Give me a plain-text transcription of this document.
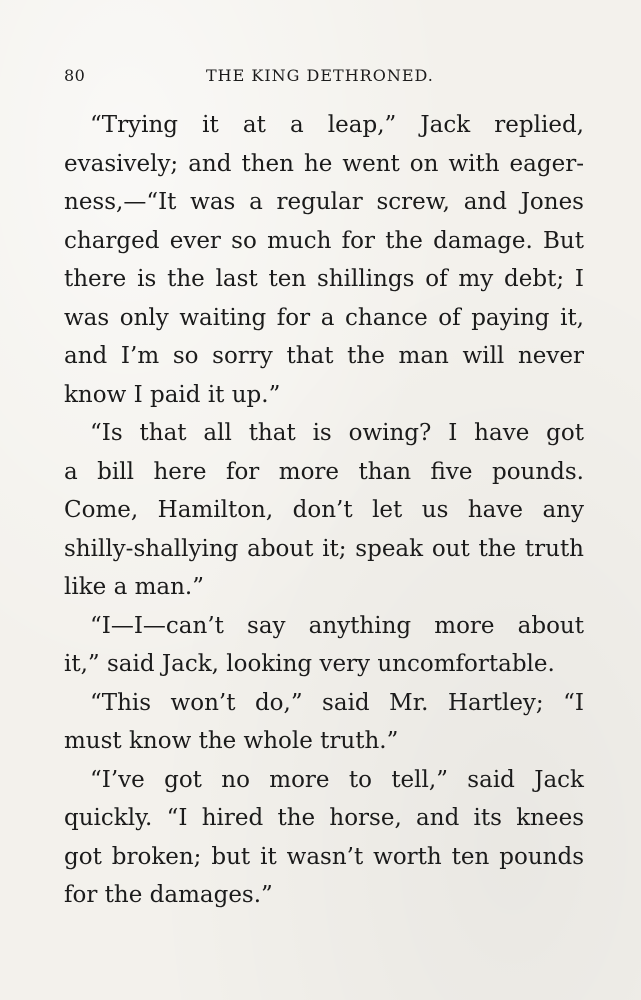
80	THE KING DETHRONED.
“Trying it at a leap,” Jack replied,
evasively; and then he went on with eager-
ness,—“It was a regular screw, and Jones
charged ever so much for the damage. But
there is the last ten shillings of my debt; I
was only waiting for a chance of paying it,
and I’m so sorry that the man will never
know I paid it up.”
“Is that all that is owing? I have got
a bill here for more than five pounds.
Come, Hamilton, don’t let us have any
shilly-shallying about it; speak out the truth
like a man.”
“I—I—can’t say anything more about
it,” said Jack, looking very uncomfortable.
“This won’t do,” said Mr. Hartley; “I
must know the whole truth.”
“I’ve got no more to tell,” said Jack
quickly. “I hired the horse, and its knees
got broken; but it wasn’t worth ten pounds
for the damages.”
